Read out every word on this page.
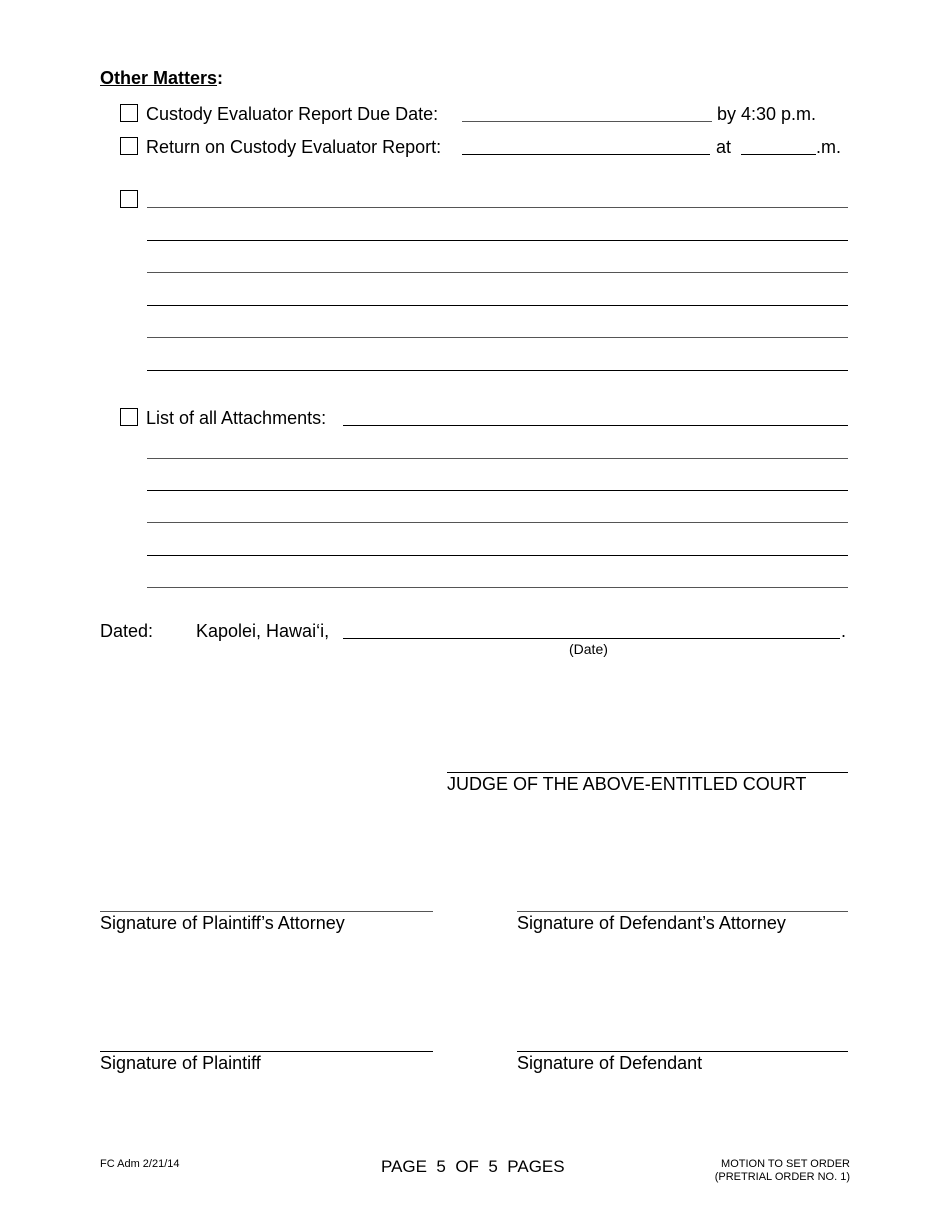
Other Matters:
Custody Evaluator Report Due Date:	by 4:30 p.m.
Return on Custody Evaluator Report:	at	.m.
List of all Attachments:
Dated: Kapolei, Hawai‘i,	.
(Date)
JUDGE OF THE ABOVE-ENTITLED COURT
Signature of Plaintiff’s Attorney	Signature of Defendant’s Attorney
Signature of Plaintiff	Signature of Defendant
FC Adm 2/21/14	PAGE  5  OF  5  PAGES	MOTION TO SET ORDER
(PRETRIAL ORDER NO. 1)
